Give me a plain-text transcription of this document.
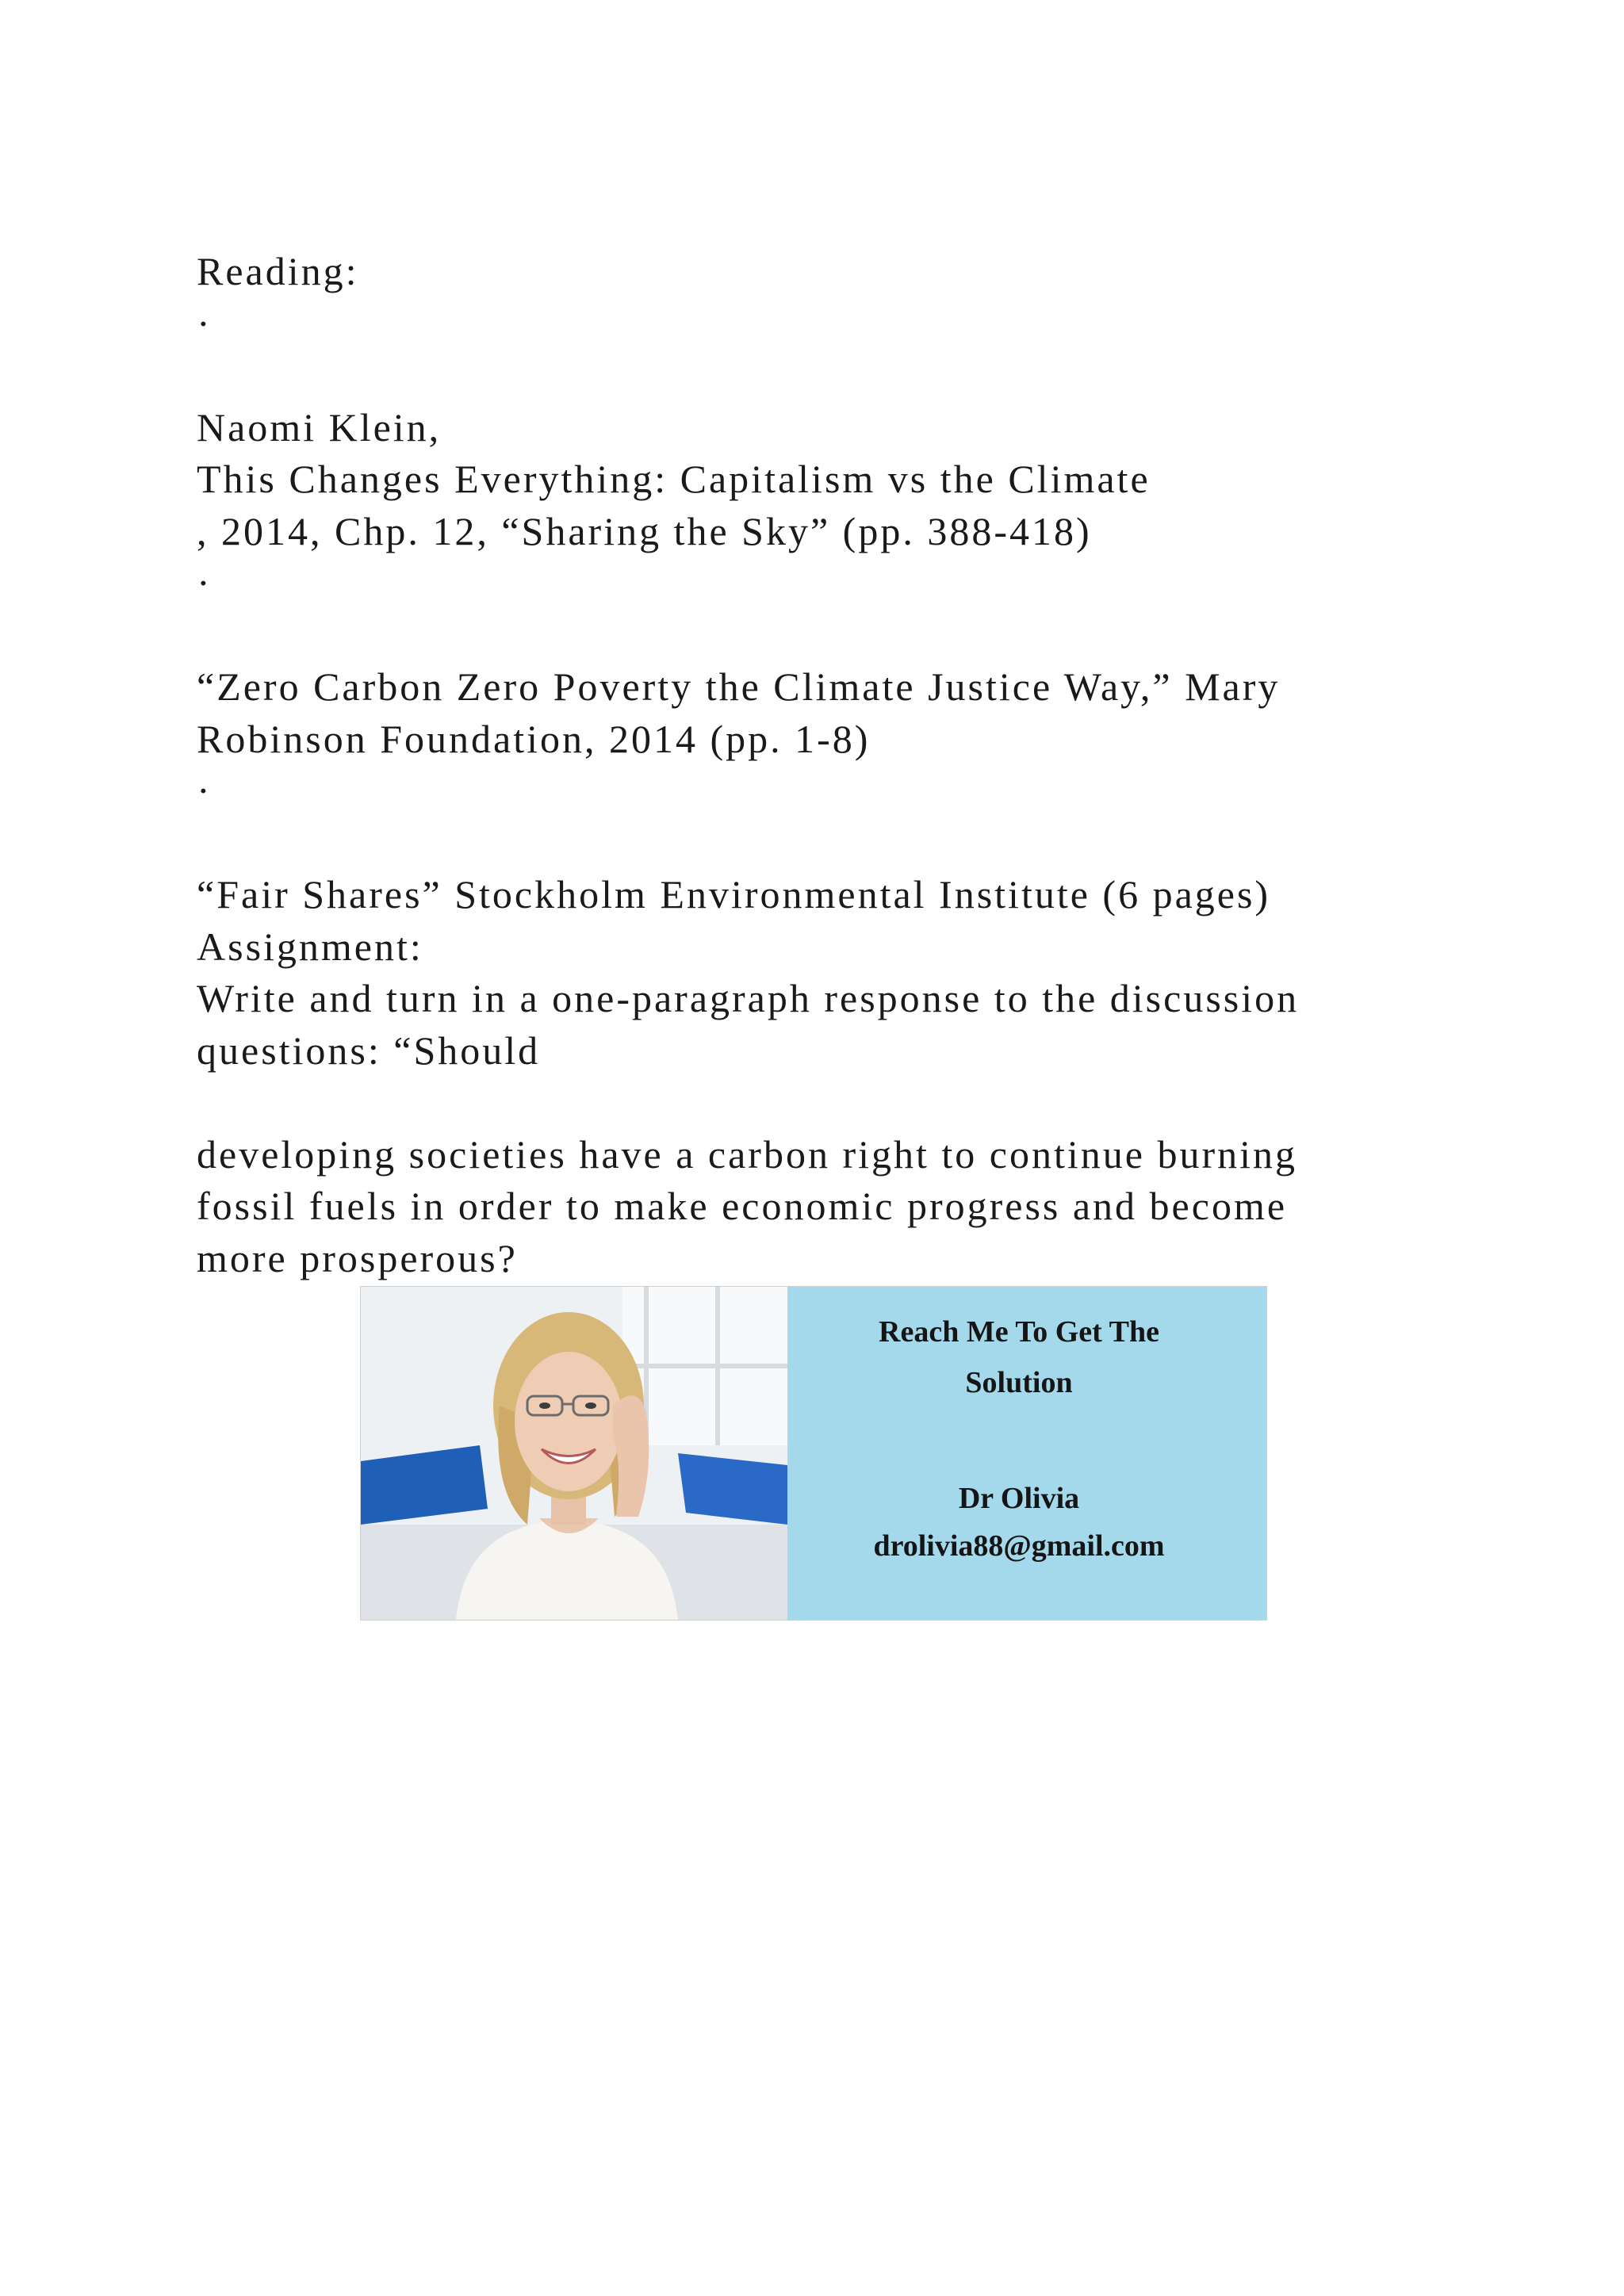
Reading:
·
Naomi Klein,
This Changes Everything: Capitalism vs the Climate
, 2014, Chp. 12, “Sharing the Sky” (pp. 388-418)
·
“Zero Carbon Zero Poverty the Climate Justice Way,” Mary
Robinson Foundation, 2014 (pp. 1-8)
·
“Fair Shares” Stockholm Environmental Institute (6 pages)
Assignment:
Write and turn in a one-paragraph response to the discussion
questions: “Should
developing societies have a carbon right to continue burning
fossil fuels in order to make economic progress and become
more prosperous?
Reach Me To Get The
Solution
Dr Olivia
drolivia88@gmail.com
